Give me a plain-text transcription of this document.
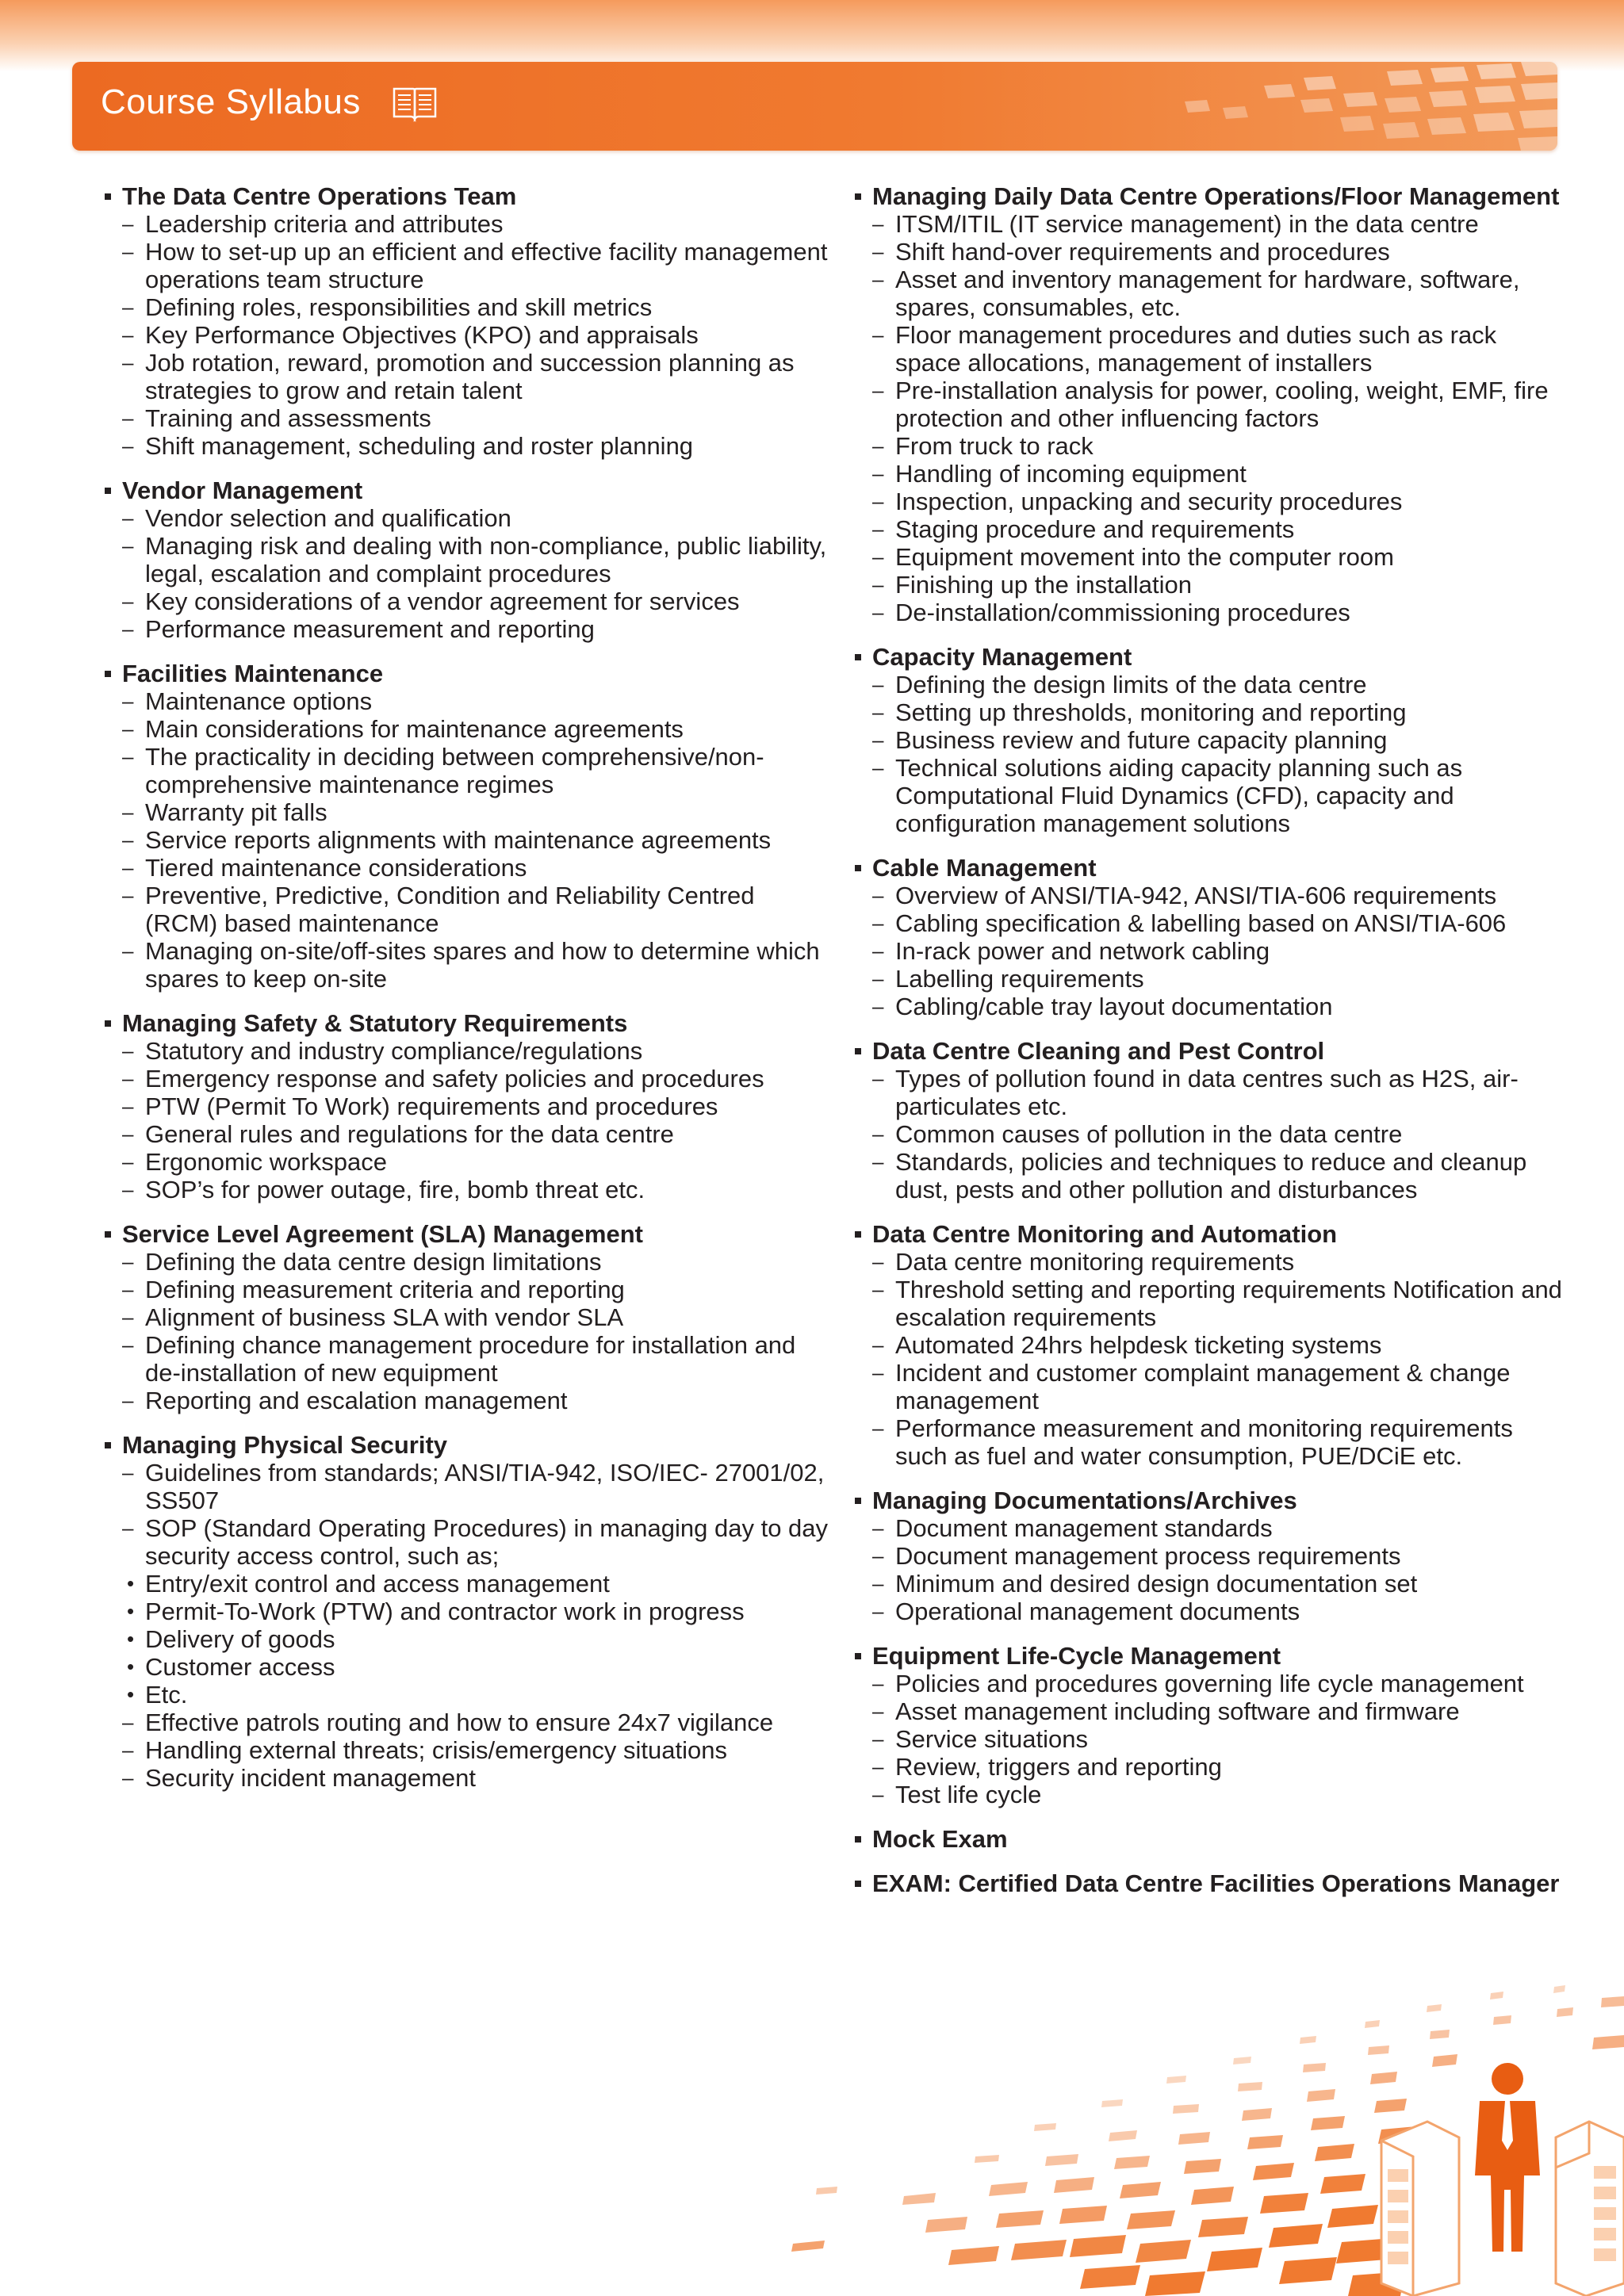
Course Syllabus
The Data Centre Operations Team
– Leadership criteria and attributes
– How to set-up up an efficient and effective facility management operations team structure
– Defining roles, responsibilities and skill metrics
– Key Performance Objectives (KPO) and appraisals
– Job rotation, reward, promotion and succession planning as strategies to grow and retain talent
– Training and assessments
– Shift management, scheduling and roster planning
Vendor Management
– Vendor selection and qualification
– Managing risk and dealing with non-compliance, public liability, legal, escalation and complaint procedures
– Key considerations of a vendor agreement for services
– Performance measurement and reporting
Facilities Maintenance
– Maintenance options
– Main considerations for maintenance agreements
– The practicality in deciding between comprehensive/non-comprehensive maintenance regimes
– Warranty pit falls
– Service reports alignments with maintenance agreements
– Tiered maintenance considerations
– Preventive, Predictive, Condition and Reliability Centred (RCM) based maintenance
– Managing on-site/off-sites spares and how to determine which spares to keep on-site
Managing Safety & Statutory Requirements
– Statutory and industry compliance/regulations
– Emergency response and safety policies and procedures
– PTW (Permit To Work) requirements and procedures
– General rules and regulations for the data centre
– Ergonomic workspace
– SOP’s for power outage, fire, bomb threat etc.
Service Level Agreement (SLA) Management
– Defining the data centre design limitations
– Defining measurement criteria and reporting
– Alignment of business SLA with vendor SLA
– Defining chance management procedure for installation and de-installation of new equipment
– Reporting and escalation management
Managing Physical Security
– Guidelines from standards; ANSI/TIA-942, ISO/IEC- 27001/02, SS507
– SOP (Standard Operating Procedures) in managing day to day security access control, such as;
• Entry/exit control and access management
• Permit-To-Work (PTW) and contractor work in progress
• Delivery of goods
• Customer access
• Etc.
– Effective patrols routing and how to ensure 24x7 vigilance
– Handling external threats; crisis/emergency situations
– Security incident management
Managing Daily Data Centre Operations/Floor Management
– ITSM/ITIL (IT service management) in the data centre
– Shift hand-over requirements and procedures
– Asset and inventory management for hardware, software, spares, consumables, etc.
– Floor management procedures and duties such as rack space allocations, management of installers
– Pre-installation analysis for power, cooling, weight, EMF, fire protection and other influencing factors
– From truck to rack
– Handling of incoming equipment
– Inspection, unpacking and security procedures
– Staging procedure and requirements
– Equipment movement into the computer room
– Finishing up the installation
– De-installation/commissioning procedures
Capacity Management
– Defining the design limits of the data centre
– Setting up thresholds, monitoring and reporting
– Business review and future capacity planning
– Technical solutions aiding capacity planning such as Computational Fluid Dynamics (CFD), capacity and configuration management solutions
Cable Management
– Overview of ANSI/TIA-942, ANSI/TIA-606 requirements
– Cabling specification & labelling based on ANSI/TIA-606
– In-rack power and network cabling
– Labelling requirements
– Cabling/cable tray layout documentation
Data Centre Cleaning and Pest Control
– Types of pollution found in data centres such as H2S, air-particulates etc.
– Common causes of pollution in the data centre
– Standards, policies and techniques to reduce and cleanup dust, pests and other pollution and disturbances
Data Centre Monitoring and Automation
– Data centre monitoring requirements
– Threshold setting and reporting requirements Notification and escalation requirements
– Automated 24hrs helpdesk ticketing systems
– Incident and customer complaint management & change management
– Performance measurement and monitoring requirements such as fuel and water consumption, PUE/DCiE etc.
Managing Documentations/Archives
– Document management standards
– Document management process requirements
– Minimum and desired design documentation set
– Operational management documents
Equipment Life-Cycle Management
– Policies and procedures governing life cycle management
– Asset management including software and firmware
– Service situations
– Review, triggers and reporting
– Test life cycle
Mock Exam
EXAM: Certified Data Centre Facilities Operations Manager
